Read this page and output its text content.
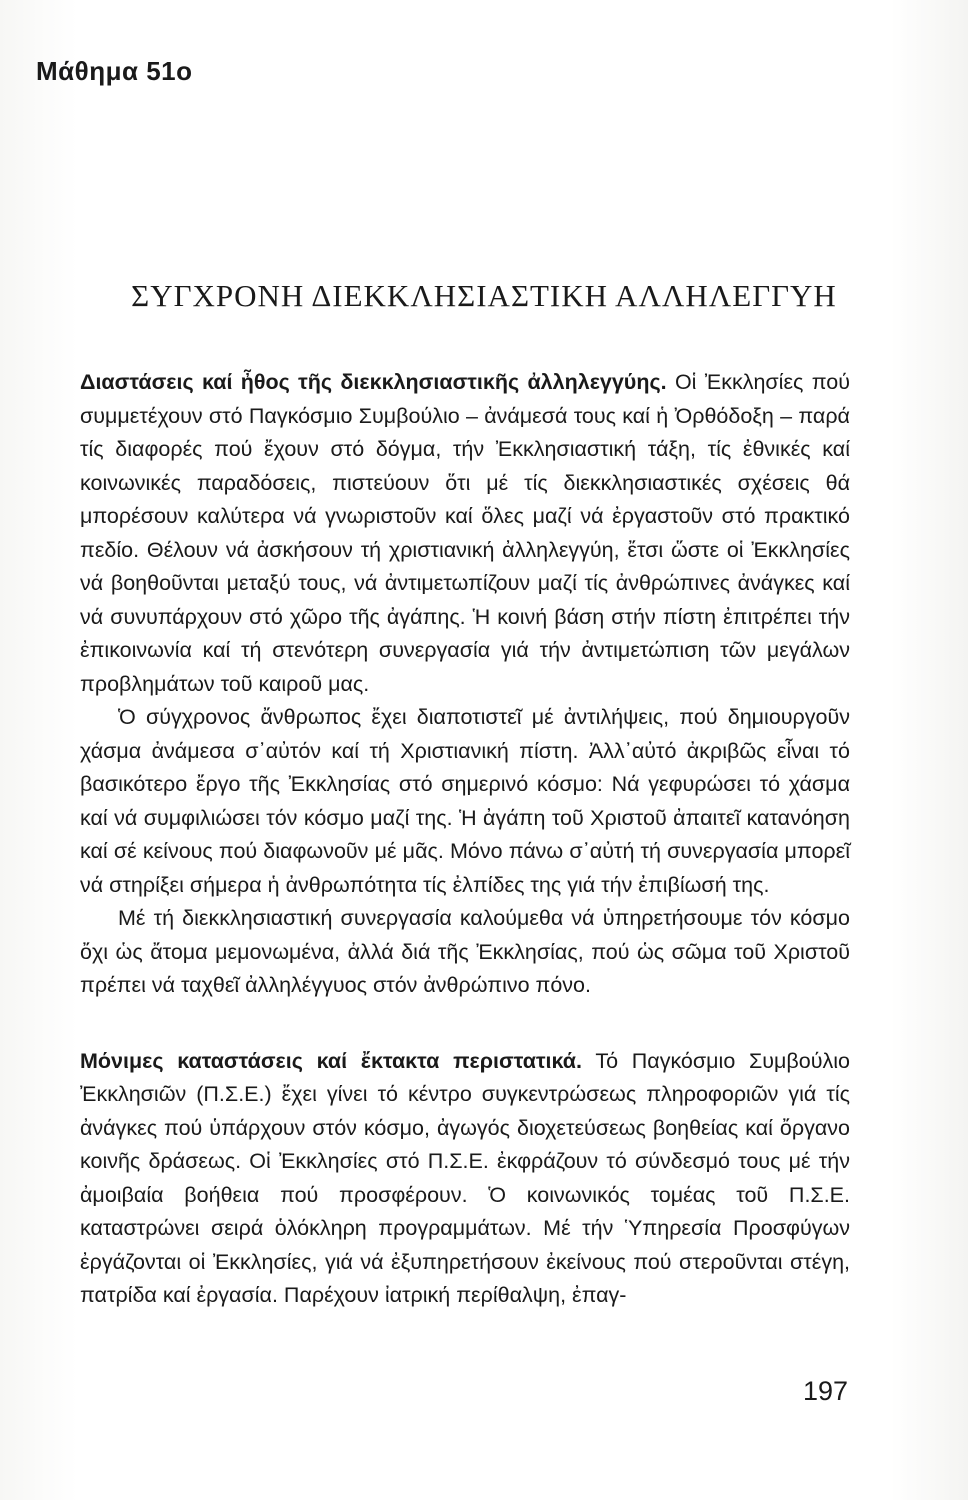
Μάθημα 51ο
ΣΥΓΧΡΟΝΗ ΔΙΕΚΚΛΗΣΙΑΣΤΙΚΗ ΑΛΛΗΛΕΓΓΥΗ

Διαστάσεις καί ἦθος τῆς διεκκλησιαστικῆς ἀλληλεγγύης. Οἱ Ἐκκλησίες πού συμμετέχουν στό Παγκόσμιο Συμβούλιο – ἀνάμεσά τους καί ἡ Ὀρθόδοξη – παρά τίς διαφορές πού ἔχουν στό δόγμα, τήν Ἐκκλησιαστική τάξη, τίς ἐθνικές καί κοινωνικές παραδόσεις, πιστεύουν ὅτι μέ τίς διεκκλησιαστικές σχέσεις θά μπορέσουν καλύτερα νά γνωριστοῦν καί ὅλες μαζί νά ἐργαστοῦν στό πρακτικό πεδίο. Θέλουν νά ἀσκήσουν τή χριστιανική ἀλληλεγγύη, ἔτσι ὥστε οἱ Ἐκκλησίες νά βοηθοῦνται μεταξύ τους, νά ἀντιμετωπίζουν μαζί τίς ἀνθρώπινες ἀνάγκες καί νά συνυπάρχουν στό χῶρο τῆς ἀγάπης. Ἡ κοινή βάση στήν πίστη ἐπιτρέπει τήν ἐπικοινωνία καί τή στενότερη συνεργασία γιά τήν ἀντιμετώπιση τῶν μεγάλων προβλημάτων τοῦ καιροῦ μας.

Ὁ σύγχρονος ἄνθρωπος ἔχει διαποτιστεῖ μέ ἀντιλήψεις, πού δημιουργοῦν χάσμα ἀνάμεσα σ᾽αὐτόν καί τή Χριστιανική πίστη. Ἀλλ᾽αὐτό ἀκριβῶς εἶναι τό βασικότερο ἔργο τῆς Ἐκκλησίας στό σημερινό κόσμο: Νά γεφυρώσει τό χάσμα καί νά συμφιλιώσει τόν κόσμο μαζί της. Ἡ ἀγάπη τοῦ Χριστοῦ ἀπαιτεῖ κατανόηση καί σέ κείνους πού διαφωνοῦν μέ μᾶς. Μόνο πάνω σ᾽αὐτή τή συνεργασία μπορεῖ νά στηρίξει σήμερα ἡ ἀνθρωπότητα τίς ἐλπίδες της γιά τήν ἐπιβίωσή της.

Μέ τή διεκκλησιαστική συνεργασία καλούμεθα νά ὑπηρετήσουμε τόν κόσμο ὄχι ὡς ἄτομα μεμονωμένα, ἀλλά διά τῆς Ἐκκλησίας, πού ὡς σῶμα τοῦ Χριστοῦ πρέπει νά ταχθεῖ ἀλληλέγγυος στόν ἀνθρώπινο πόνο.

Μόνιμες καταστάσεις καί ἔκτακτα περιστατικά. Τό Παγκόσμιο Συμβούλιο Ἐκκλησιῶν (Π.Σ.Ε.) ἔχει γίνει τό κέντρο συγκεντρώσεως πληροφοριῶν γιά τίς ἀνάγκες πού ὑπάρχουν στόν κόσμο, ἀγωγός διοχετεύσεως βοηθείας καί ὄργανο κοινῆς δράσεως. Οἱ Ἐκκλησίες στό Π.Σ.Ε. ἐκφράζουν τό σύνδεσμό τους μέ τήν ἀμοιβαία βοήθεια πού προσφέρουν. Ὁ κοινωνικός τομέας τοῦ Π.Σ.Ε. καταστρώνει σειρά ὁλόκληρη προγραμμάτων. Μέ τήν Ὑπηρεσία Προσφύγων ἐργάζονται οἱ Ἐκκλησίες, γιά νά ἐξυπηρετήσουν ἐκείνους πού στεροῦνται στέγη, πατρίδα καί ἐργασία. Παρέχουν ἰατρική περίθαλψη, ἐπαγ-

197
